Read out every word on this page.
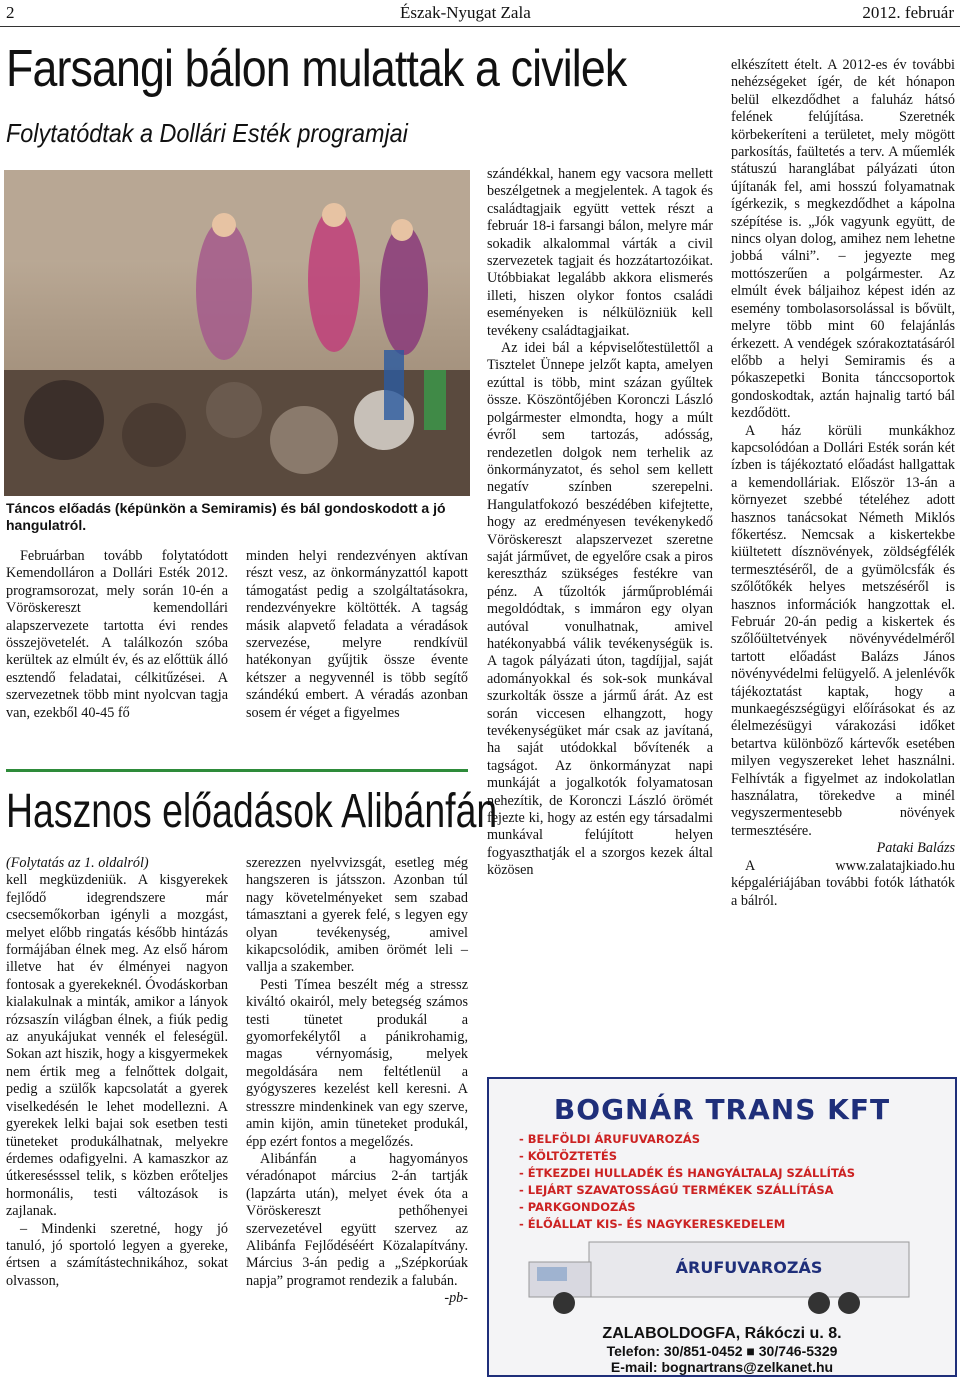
2	Észak-Nyugat Zala	2012. február
Farsangi bálon mulattak a civilek
Folytatódtak a Dollári Esték programjai
Táncos előadás (képünkön a Semiramis) és bál gondoskodott a jó hangulatról.

Februárban tovább folytatódott Kemendolláron a Dollári Esték 2012. programsorozat, mely során 10-én a Vöröskereszt kemendollári alapszervezete tartotta évi rendes összejövetelét. A találkozón szóba kerültek az elmúlt év, és az előttük álló esztendő feladatai, célkitűzései. A szervezetnek több mint nyolcvan tagja van, ezekből 40-45 fő

minden helyi rendezvényen aktívan részt vesz, az önkormányzattól kapott támogatást pedig a szolgáltatásokra, rendezvényekre költötték. A tagság másik alapvető feladata a véradások szervezése, melyre rendkívül hatékonyan gyűjtik össze évente kétszer a negyvennél is több segítő szándékú embert. A véradás azonban sosem ér véget a figyelmes

szándékkal, hanem egy vacsora mellett beszélgetnek a megjelentek. A tagok és családtagjaik együtt vettek részt a február 18-i farsangi bálon, melyre már sokadik alkalommal várták a civil szervezetek tagjait és hozzátartozóikat. Utóbbiakat legalább akkora elismerés illeti, hiszen olykor fontos családi eseményeken is nélkülözniük kell tevékeny családtagjaikat.

Az idei bál a képviselőtestülettől a Tisztelet Ünnepe jelzőt kapta, amelyen ezúttal is több, mint százan gyűltek össze. Köszöntőjében Koronczi László polgármester elmondta, hogy a múlt évről sem tartozás, adósság, rendezetlen dolgok nem terhelik az önkormányzatot, és sehol sem kellett negatív színben szerepelni. Hangulatfokozó beszédében kifejtette, hogy az eredményesen tevékenykedő Vöröskereszt alapszervezet szeretne saját járművet, de egyelőre csak a piros keresztház szükséges festékre van pénz. A tűzoltók járműproblémái megoldódtak, s immáron egy olyan autóval vonulhatnak, amivel hatékonyabbá válik tevékenységük is. A tagok pályázati úton, tagdíjjal, saját adományokkal és sok-sok munkával szurkolták össze a jármű árát. Az est során viccesen elhangzott, hogy tevékenységüket már csak az javítaná, ha saját utódokkal bővítenék a tagságot. Az önkormányzat napi munkáját a jogalkotók folyamatosan nehezítik, de Koronczi László örömét fejezte ki, hogy az estén egy társadalmi munkával felújított helyen fogyaszthatják el a szorgos kezek által közösen

elkészített ételt. A 2012-es év további nehézségeket ígér, de két hónapon belül elkezdődhet a faluház hátsó felének felújítása. Szeretnék körbekeríteni a területet, mely mögött parkosítás, faültetés a terv. A műemlék státuszú haranglábat pályázati úton újítanák fel, ami hosszú folyamatnak ígérkezik, s megkezdődhet a kápolna szépítése is. „Jók vagyunk együtt, de nincs olyan dolog, amihez nem lehetne jobbá válni”. – jegyezte meg mottószerűen a polgármester. Az elmúlt évek báljaihoz képest idén az esemény tombolasorsolással is bővült, melyre több mint 60 felajánlás érkezett. A vendégek szórakoztatásáról előbb a helyi Semiramis és a pókaszepetki Bonita tánccsoportok gondoskodtak, aztán hajnalig tartó bál kezdődött.

A ház körüli munkákhoz kapcsolódóan a Dollári Esték során két ízben is tájékoztató előadást hallgattak a kemendolláriak. Először 13-án a környezet szebbé tételéhez adott hasznos tanácsokat Németh Miklós főkertész. Nemcsak a kiskertekbe kiültetett dísznövények, zöldségfélék termesztéséről, de a gyümölcsfák és szőlőtőkék helyes metszéséről is hasznos információk hangzottak el. Február 20-án pedig a kiskertek és szőlőültetvények növényvédelméről tartott előadást Balázs János növényvédelmi felügyelő. A jelenlévők tájékoztatást kaptak, hogy a munkaegészségügyi előírásokat és az élelmezésügyi várakozási időket betartva különböző kártevők esetében milyen vegyszereket lehet használni. Felhívták a figyelmet az indokolatlan használatra, törekedve a minél vegyszermentesebb növények termesztésére.

Pataki Balázs

A www.zalatajkiado.hu képgalériájában további fotók láthatók a bálról.

Hasznos előadások Alibánfán

(Folytatás az 1. oldalról)

kell megküzdeniük. A kisgyerekek fejlődő idegrendszere már csecsemőkorban igényli a mozgást, melyet előbb ringatás később hintázás formájában élnek meg. Az első három illetve hat év élményei nagyon fontosak a gyerekeknél. Óvodáskorban kialakulnak a minták, amikor a lányok rózsaszín világban élnek, a fiúk pedig az anyukájukat vennék el feleségül. Sokan azt hiszik, hogy a kisgyermekek nem értik meg a felnőttek dolgait, pedig a szülők kapcsolatát a gyerek viselkedésén le lehet modellezni. A gyerekek lelki bajai sok esetben testi tüneteket produkálhatnak, melyekre érdemes odafigyelni. A kamaszkor az útkeresésssel telik, s közben erőteljes hormonális, testi változások is zajlanak.

– Mindenki szeretné, hogy jó tanuló, jó sportoló legyen a gyereke, értsen a számítástechnikához, sokat olvasson,

szerezzen nyelvvizsgát, esetleg még hangszeren is játsszon. Azonban túl nagy követelményeket sem szabad támasztani a gyerek felé, s legyen egy olyan tevékenység, amivel kikapcsolódik, amiben örömét leli – vallja a szakember.

Pesti Tímea beszélt még a stressz kiváltó okairól, mely betegség számos testi tünetet produkál a gyomorfekélytől a pánikrohamig, magas vérnyomásig, melyek megoldására nem feltétlenül a gyógyszeres kezelést kell keresni. A stresszre mindenkinek van egy szerve, amin kijön, amin tüneteket produkál, épp ezért fontos a megelőzés.

Alibánfán a hagyományos véradónapot március 2-án tartják (lapzárta után), melyet évek óta a Vöröskereszt pethőhenyei szervezetével együtt szervez az Alibánfa Fejlődéséért Közalapítvány. Március 3-án pedig a „Szépkorúak napja” programot rendezik a falubán.

-pb-

BOGNÁR TRANS KFT
- BELFÖLDI ÁRUFUVAROZÁS
- KÖLTÖZTETÉS
- ÉTKEZDEI HULLADÉK ÉS HANGYÁLTALAJ SZÁLLÍTÁS
- LEJÁRT SZAVATOSSÁGÚ TERMÉKEK SZÁLLÍTÁSA
- PARKGONDOZÁS
- ÉLŐÁLLAT KIS- ÉS NAGYKERESKEDELEM
ÁRUFUVAROZÁS
ZALABOLDOGFA, Rákóczi u. 8.
Telefon: 30/851-0452 ■ 30/746-5329
E-mail: bognartrans@zelkanet.hu
